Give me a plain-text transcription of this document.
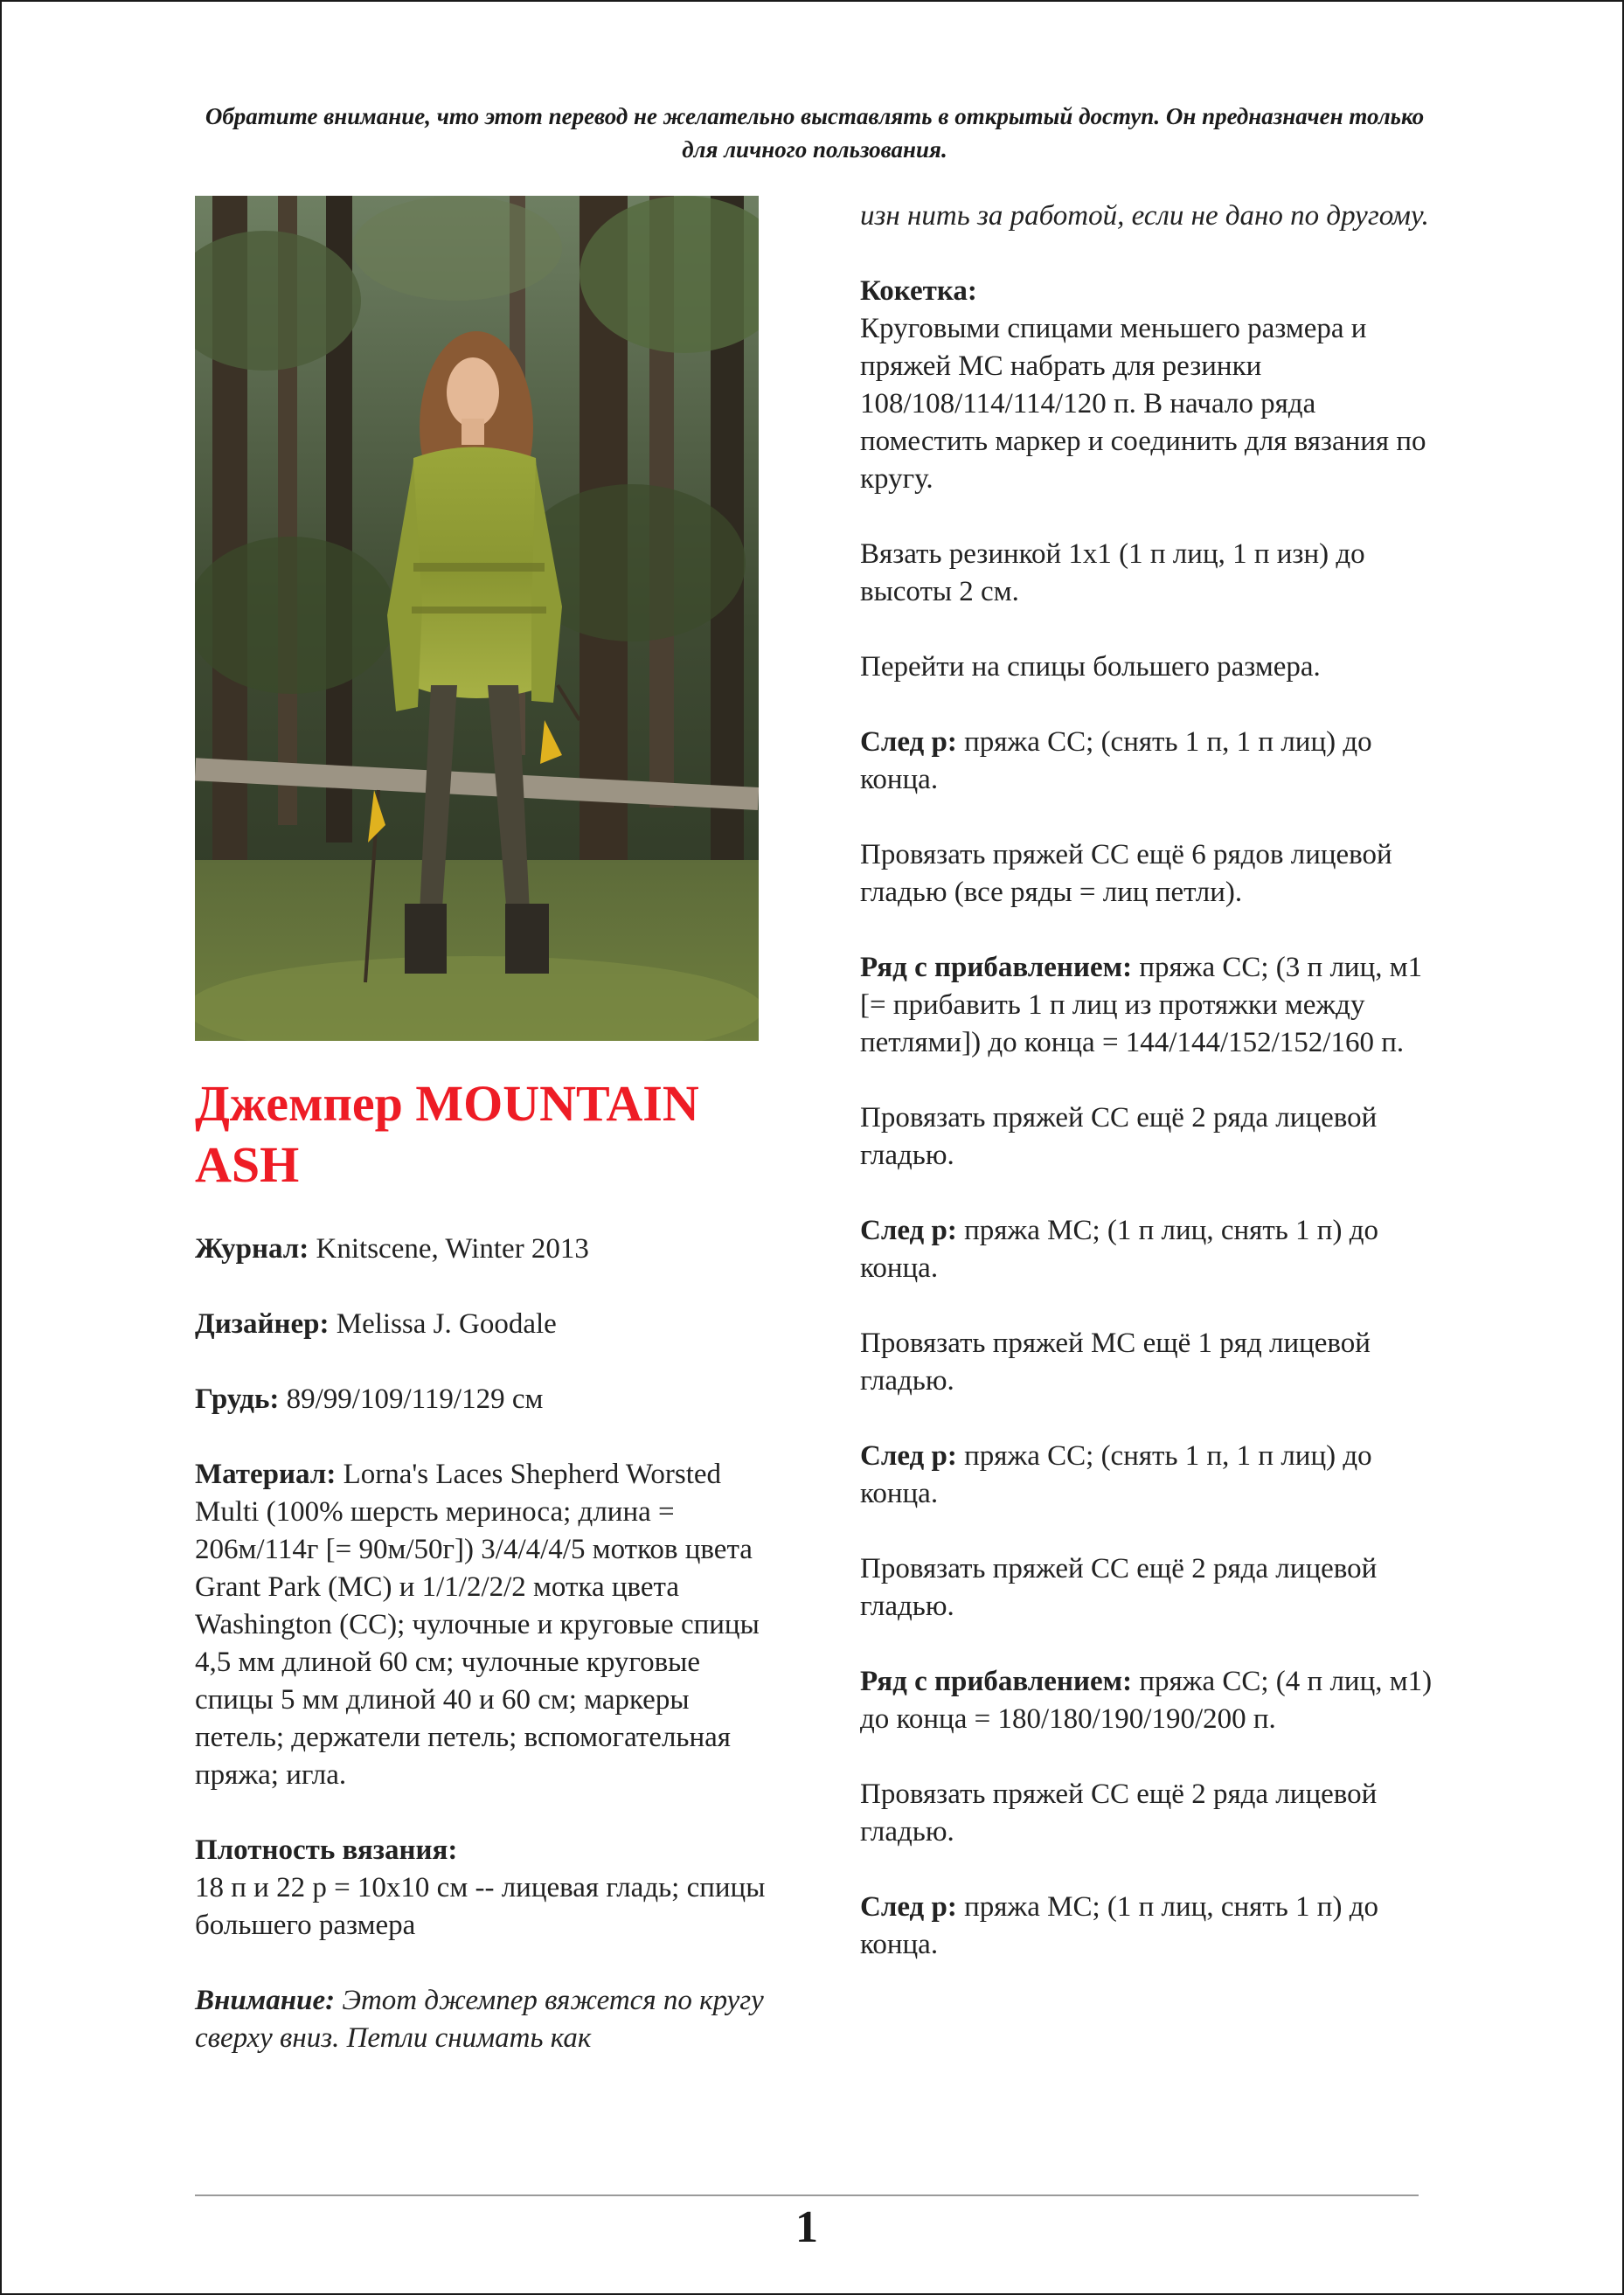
Обратите внимание, что этот перевод не желательно выставлять в открытый доступ. Он предназначен только для личного пользования.
Джемпер MOUNTAIN ASH

Журнал: Knitscene, Winter 2013

Дизайнер: Melissa J. Goodale

Грудь: 89/99/109/119/129 см

Материал: Lorna's Laces Shepherd Worsted Multi (100% шерсть мериноса; длина = 206м/114г [= 90м/50г]) 3/4/4/4/5 мотков цвета Grant Park (МС) и 1/1/2/2/2 мотка цвета Washington (CC); чулочные и круговые спицы 4,5 мм длиной 60 см; чулочные круговые спицы 5 мм длиной 40 и 60 см; маркеры петель; держатели петель; вспомогательная пряжа; игла.

Плотность вязания:
18 п и 22 р = 10х10 см -- лицевая гладь; спицы большего размера

Внимание: Этот джемпер вяжется по кругу сверху вниз. Петли снимать как

изн нить за работой, если не дано по другому.

Кокетка:
Круговыми спицами меньшего размера и пряжей МС набрать для резинки 108/108/114/114/120 п. В начало ряда поместить маркер и соединить для вязания по кругу.

Вязать резинкой 1х1 (1 п лиц, 1 п изн) до высоты 2 см.

Перейти на спицы большего размера.

След р: пряжа CC; (снять 1 п, 1 п лиц) до конца.

Провязать пряжей CC ещё 6 рядов лицевой гладью (все ряды = лиц петли).

Ряд с прибавлением: пряжа CC; (3 п лиц, м1 [= прибавить 1 п лиц из протяжки между петлями]) до конца = 144/144/152/152/160 п.

Провязать пряжей CC ещё 2 ряда лицевой гладью.

След р: пряжа МС; (1 п лиц, снять 1 п) до конца.

Провязать пряжей МС ещё 1 ряд лицевой гладью.

След р: пряжа CC; (снять 1 п, 1 п лиц) до конца.

Провязать пряжей CC ещё 2 ряда лицевой гладью.

Ряд с прибавлением: пряжа CC; (4 п лиц, м1) до конца = 180/180/190/190/200 п.

Провязать пряжей CC ещё 2 ряда лицевой гладью.

След р: пряжа МС; (1 п лиц, снять 1 п) до конца.

1
